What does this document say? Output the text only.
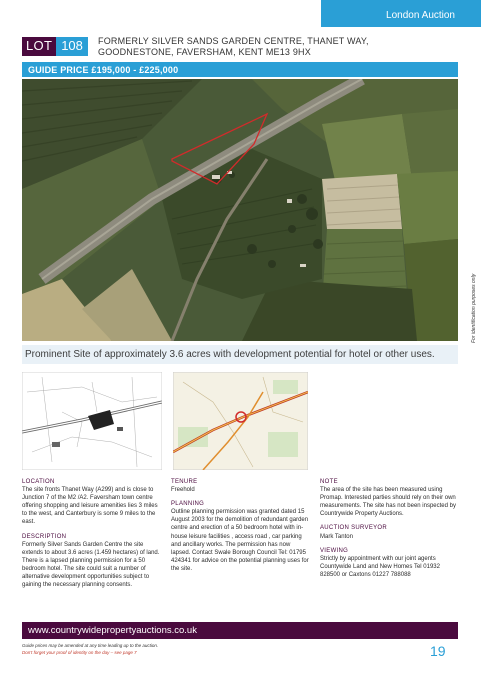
London Auction
LOT 108	FORMERLY SILVER SANDS GARDEN CENTRE, THANET WAY, GOODNESTONE, FAVERSHAM, KENT ME13 9HX
GUIDE PRICE £195,000 - £225,000
For identification purposes only
Prominent Site of approximately 3.6 acres with development potential for hotel or other uses.
LOCATION

The site fronts Thanet Way (A299) and is close to Junction 7 of the M2 /A2. Faversham town centre offering shopping and leisure amenities lies 3 miles to the west, and Canterbury is some 9 miles to the east.

DESCRIPTION

Formerly Silver Sands Garden Centre the site extends to about 3.6 acres (1.459 hectares) of land. There is a lapsed planning permission for a 50 bedroom hotel. The site could suit a number of alternative development opportunities subject to gaining the necessary planning consents.

TENURE

Freehold

PLANNING

Outline planning permission was granted dated 15 August 2003 for the demolition of redundant garden centre and erection of a 50 bedroom hotel with in-house leisure facilities , access road , car parking and ancillary works. The permission has now lapsed. Contact Swale Borough Council Tel: 01795 424341 for advice on the potential planning uses for the site.

NOTE

The area of the site has been measured using Promap. Interested parties should rely on their own measurements. The site has not been inspected by Countrywide Property Auctions.

AUCTION SURVEYOR

Mark Tanton

VIEWING

Strictly by appointment with our joint agents Countywide Land and New Homes Tel 01932 828500 or Caxtons 01227 788088

www.countrywidepropertyauctions.co.uk
Guide prices may be amended at any time leading up to the auction.
Don't forget your proof of identity on the day – see page 7	19
